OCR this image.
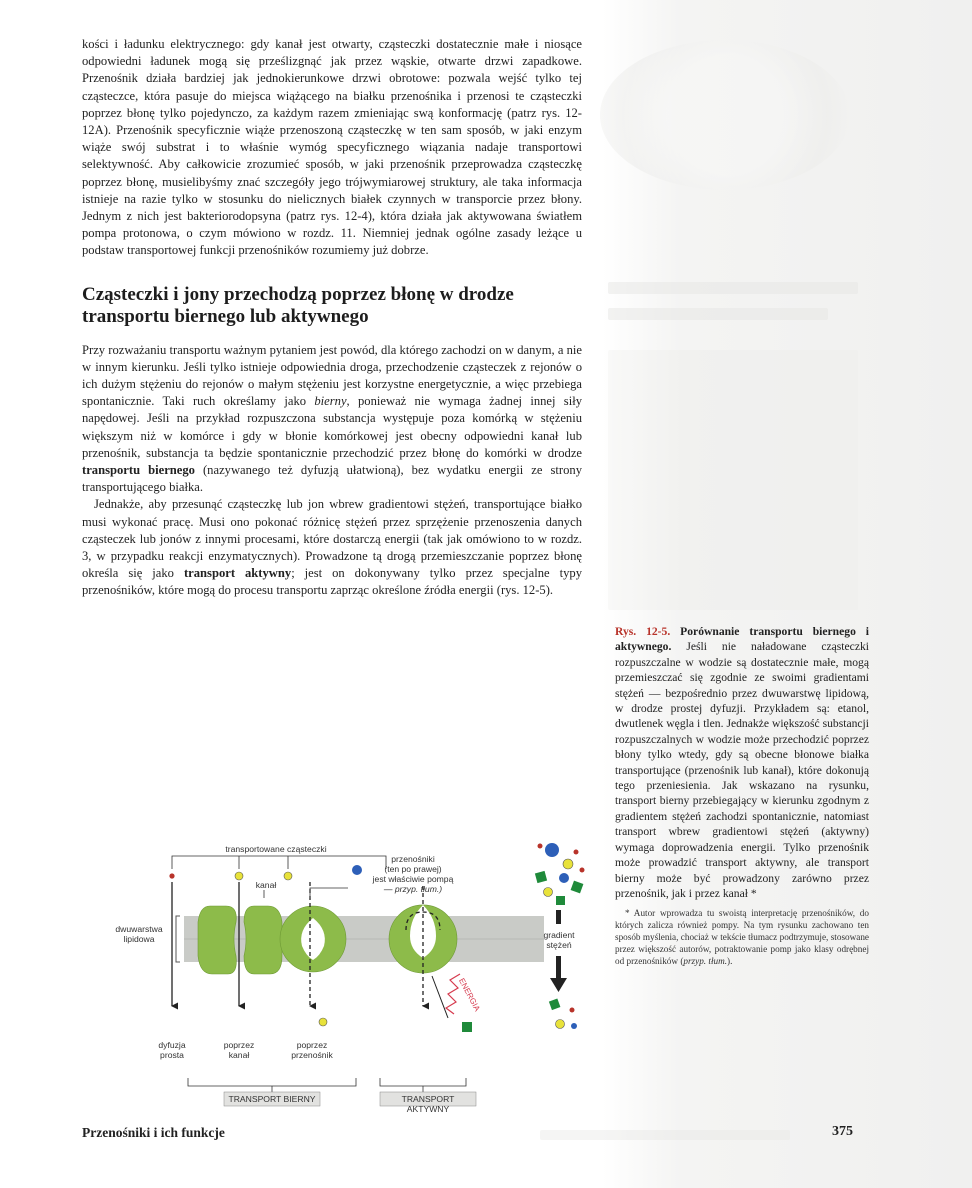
kości i ładunku elektrycznego: gdy kanał jest otwarty, cząsteczki dostatecznie małe i niosące odpowiedni ładunek mogą się prześlizgnąć jak przez wąskie, otwarte drzwi zapadkowe. Przenośnik działa bardziej jak jednokierunkowe drzwi obrotowe: pozwala wejść tylko tej cząsteczce, która pasuje do miejsca wiążącego na białku przenośnika i przenosi te cząsteczki poprzez błonę tylko pojedynczo, za każdym razem zmieniając swą konformację (patrz rys. 12-12A). Przenośnik specyficznie wiąże przenoszoną cząsteczkę w ten sam sposób, w jaki enzym wiąże swój substrat i to właśnie wymóg specyficznego wiązania nadaje transportowi selektywność. Aby całkowicie zrozumieć sposób, w jaki przenośnik przeprowadza cząsteczkę poprzez błonę, musielibyśmy znać szczegóły jego trójwymiarowej struktury, ale taka informacja istnieje na razie tylko w stosunku do nielicznych białek czynnych w transporcie przez błony. Jednym z nich jest bakteriorodopsyna (patrz rys. 12-4), która działa jak aktywowana światłem pompa protonowa, o czym mówiono w rozdz. 11. Niemniej jednak ogólne zasady leżące u podstaw transportowej funkcji przenośników rozumiemy już dobrze.

Cząsteczki i jony przechodzą poprzez błonę w drodze transportu biernego lub aktywnego

Przy rozważaniu transportu ważnym pytaniem jest powód, dla którego zachodzi on w danym, a nie w innym kierunku. Jeśli tylko istnieje odpowiednia droga, przechodzenie cząsteczek z rejonów o ich dużym stężeniu do rejonów o małym stężeniu jest korzystne energetycznie, a więc przebiega spontanicznie. Taki ruch określamy jako bierny, ponieważ nie wymaga żadnej innej siły napędowej. Jeśli na przykład rozpuszczona substancja występuje poza komórką w stężeniu większym niż w komórce i gdy w błonie komórkowej jest obecny odpowiedni kanał lub przenośnik, substancja ta będzie spontanicznie przechodzić przez błonę do komórki w drodze transportu biernego (nazywanego też dyfuzją ułatwioną), bez wydatku energii ze strony transportującego białka.

Jednakże, aby przesunąć cząsteczkę lub jon wbrew gradientowi stężeń, transportujące białko musi wykonać pracę. Musi ono pokonać różnicę stężeń przez sprzężenie przenoszenia danych cząsteczek lub jonów z innymi procesami, które dostarczą energii (tak jak omówiono to w rozdz. 3, w przypadku reakcji enzymatycznych). Prowadzone tą drogą przemieszczanie poprzez błonę określa się jako transport aktywny; jest on dokonywany tylko przez specjalne typy przenośników, które mogą do procesu transportu zaprząc określone źródła energii (rys. 12-5).

transportowane cząsteczki
kanał
przenośniki
(ten po prawej)
jest właściwie pompą
— przyp. tłum.)
dwuwarstwa
lipidowa	gradient
stężeń
ENERGIA
dyfuzja
prosta
poprzez
kanał
poprzez
przenośnik
TRANSPORT BIERNY	TRANSPORT AKTYWNY
Rys. 12-5. Porównanie transportu biernego i aktywnego. Jeśli nie naładowane cząsteczki rozpuszczalne w wodzie są dostatecznie małe, mogą przemieszczać się zgodnie ze swoimi gradientami stężeń — bezpośrednio przez dwuwarstwę lipidową, w drodze prostej dyfuzji. Przykładem są: etanol, dwutlenek węgla i tlen. Jednakże większość substancji rozpuszczalnych w wodzie może przechodzić poprzez błony tylko wtedy, gdy są obecne błonowe białka transportujące (przenośnik lub kanał), które dokonują tego przeniesienia. Jak wskazano na rysunku, transport bierny przebiegający w kierunku zgodnym z gradientem stężeń zachodzi spontanicznie, natomiast transport wbrew gradientowi stężeń (aktywny) wymaga doprowadzenia energii. Tylko przenośnik może prowadzić transport aktywny, ale transport bierny może być prowadzony zarówno przez przenośnik, jak i przez kanał *
* Autor wprowadza tu swoistą interpretację przenośników, do których zalicza również pompy. Na tym rysunku zachowano ten sposób myślenia, chociaż w tekście tłumacz podtrzymuje, stosowane przez większość autorów, potraktowanie pomp jako klasy odrębnej od przenośników (przyp. tłum.).
Przenośniki i ich funkcje	375
